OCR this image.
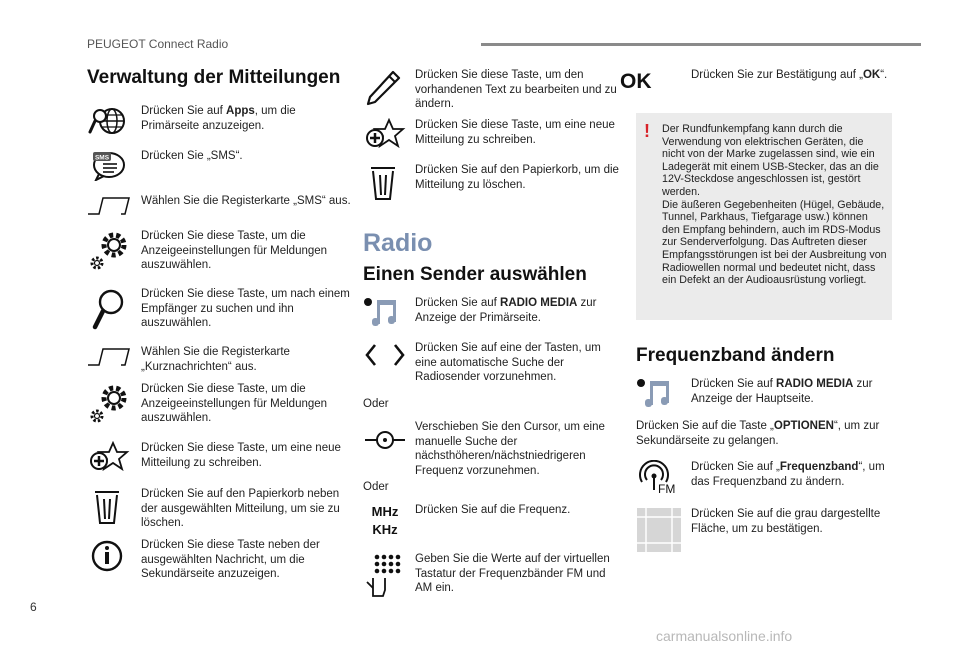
PEUGEOT Connect Radio
Verwaltung der Mitteilungen
Drücken Sie auf Apps, um die Primärseite anzuzeigen.
SMS	Drücken Sie „SMS“.
Wählen Sie die Registerkarte „SMS“ aus.
Drücken Sie diese Taste, um die Anzeigeeinstellungen für Meldungen auszuwählen.
Drücken Sie diese Taste, um nach einem Empfänger zu suchen und ihn auszuwählen.
Wählen Sie die Registerkarte „Kurznachrichten“ aus.
Drücken Sie diese Taste, um die Anzeigeeinstellungen für Meldungen auszuwählen.
Drücken Sie diese Taste, um eine neue Mitteilung zu schreiben.
Drücken Sie auf den Papierkorb neben der ausgewählten Mitteilung, um sie zu löschen.
Drücken Sie diese Taste neben der ausgewählten Nachricht, um die Sekundärseite anzuzeigen.
Drücken Sie diese Taste, um den vorhandenen Text zu bearbeiten und zu ändern.
Drücken Sie diese Taste, um eine neue Mitteilung zu schreiben.
Drücken Sie auf den Papierkorb, um die Mitteilung zu löschen.
Radio
Einen Sender auswählen
Drücken Sie auf RADIO MEDIA zur Anzeige der Primärseite.
Drücken Sie auf eine der Tasten, um eine automatische Suche der Radiosender vorzunehmen.
Oder
Verschieben Sie den Cursor, um eine manuelle Suche der nächsthöheren/nächstniedrigeren Frequenz vorzunehmen.
Oder
MHz
KHz
Drücken Sie auf die Frequenz.
Geben Sie die Werte auf der virtuellen Tastatur der Frequenzbänder FM und AM ein.
OK	Drücken Sie zur Bestätigung auf „OK“.
! Der Rundfunkempfang kann durch die Verwendung von elektrischen Geräten, die nicht von der Marke zugelassen sind, wie ein Ladegerät mit einem USB-Stecker, das an die 12V-Steckdose angeschlossen ist, gestört werden.
Die äußeren Gegebenheiten (Hügel, Gebäude, Tunnel, Parkhaus, Tiefgarage usw.) können den Empfang behindern, auch im RDS-Modus zur Senderverfolgung. Das Auftreten dieser Empfangsstörungen ist bei der Ausbreitung von Radiowellen normal und bedeutet nicht, dass ein Defekt an der Audioausrüstung vorliegt.
Frequenzband ändern
Drücken Sie auf RADIO MEDIA zur Anzeige der Hauptseite.
Drücken Sie auf die Taste „OPTIONEN“, um zur Sekundärseite zu gelangen.
FM
Drücken Sie auf „Frequenzband“, um das Frequenzband zu ändern.
Drücken Sie auf die grau dargestellte Fläche, um zu bestätigen.
6
carmanualsonline.info
